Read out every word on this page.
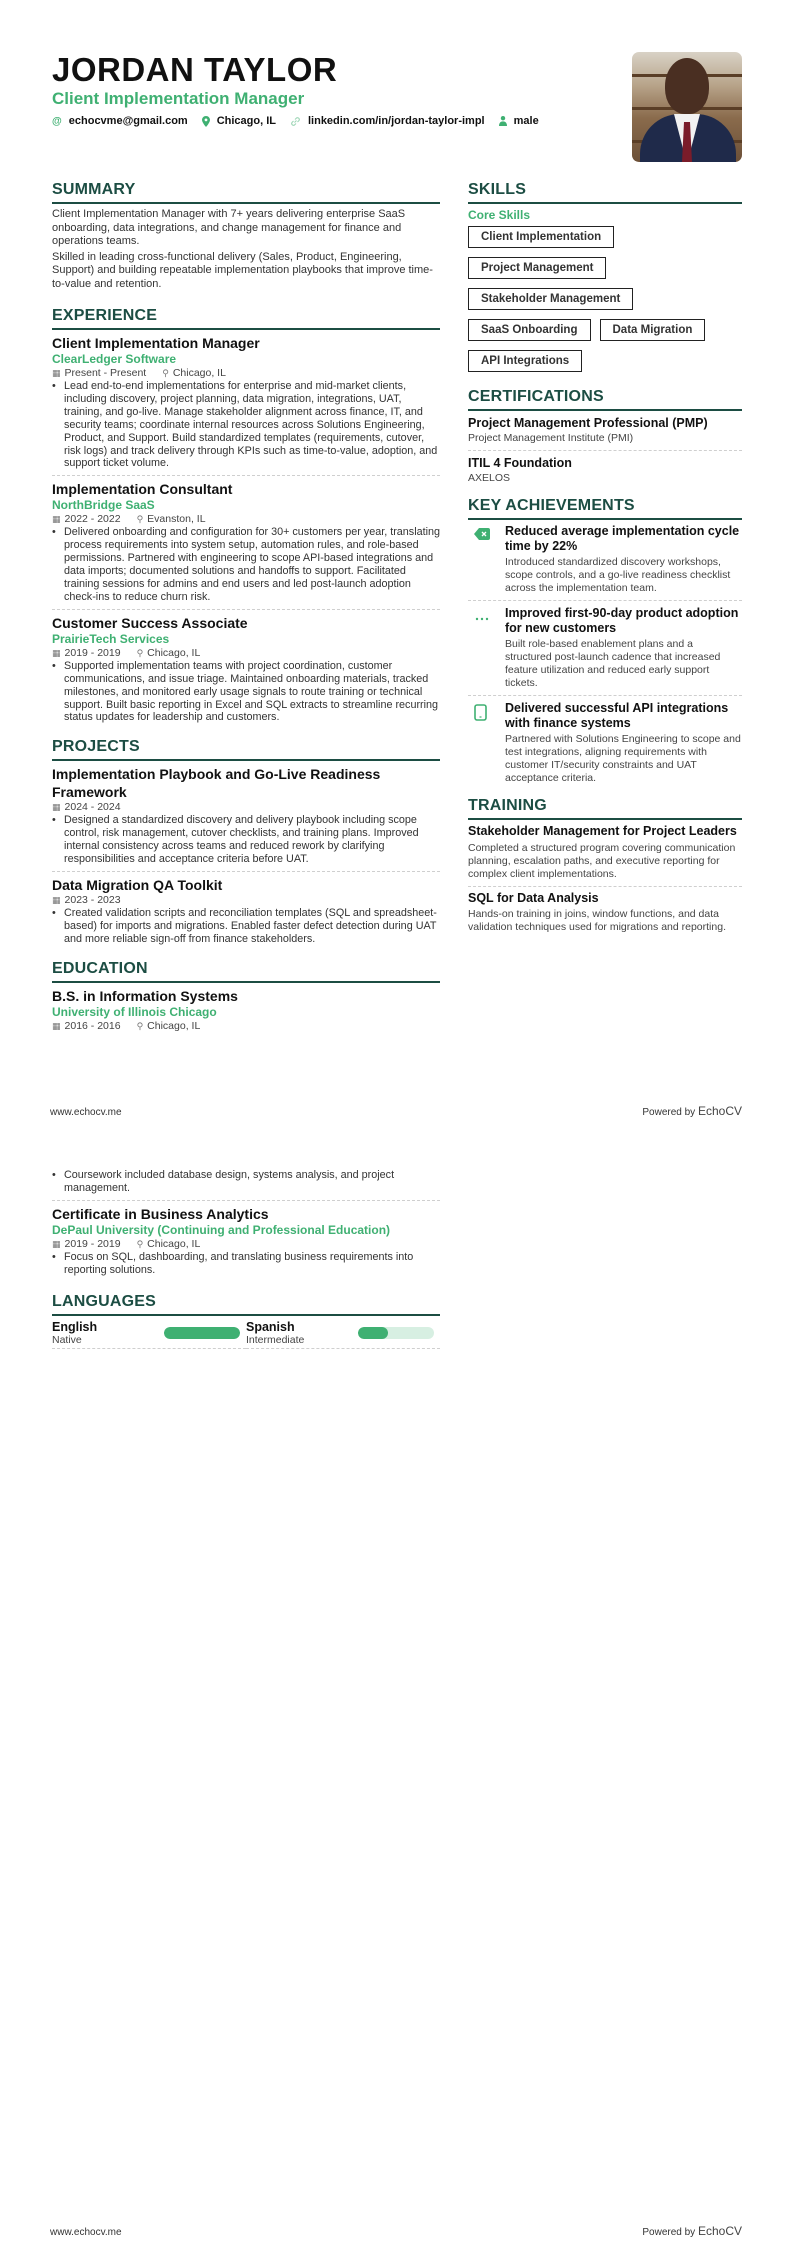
JORDAN TAYLOR
Client Implementation Manager
@ echocvme@gmail.com	Chicago, IL	linkedin.com/in/jordan-taylor-impl	male
SUMMARY

Client Implementation Manager with 7+ years delivering enterprise SaaS onboarding, data integrations, and change management for finance and operations teams.

Skilled in leading cross-functional delivery (Sales, Product, Engineering, Support) and building repeatable implementation playbooks that improve time-to-value and retention.

EXPERIENCE
Client Implementation Manager
ClearLedger Software
▦ Present - Present ⚲ Chicago, IL
• Lead end-to-end implementations for enterprise and mid-market clients, including discovery, project planning, data migration, integrations, UAT, training, and go-live. Manage stakeholder alignment across finance, IT, and security teams; coordinate internal resources across Solutions Engineering, Product, and Support. Build standardized templates (requirements, cutover, risk logs) and track delivery through KPIs such as time-to-value, adoption, and support ticket volume.
Implementation Consultant
NorthBridge SaaS
▦ 2022 - 2022 ⚲ Evanston, IL
• Delivered onboarding and configuration for 30+ customers per year, translating process requirements into system setup, automation rules, and role-based permissions. Partnered with engineering to scope API-based integrations and data imports; documented solutions and handoffs to support. Facilitated training sessions for admins and end users and led post-launch adoption check-ins to reduce churn risk.
Customer Success Associate
PrairieTech Services
▦ 2019 - 2019 ⚲ Chicago, IL
• Supported implementation teams with project coordination, customer communications, and issue triage. Maintained onboarding materials, tracked milestones, and monitored early usage signals to route training or technical support. Built basic reporting in Excel and SQL extracts to streamline recurring status updates for leadership and customers.
PROJECTS
Implementation Playbook and Go-Live Readiness Framework
▦ 2024 - 2024
• Designed a standardized discovery and delivery playbook including scope control, risk management, cutover checklists, and training plans. Improved internal consistency across teams and reduced rework by clarifying responsibilities and acceptance criteria before UAT.
Data Migration QA Toolkit
▦ 2023 - 2023
• Created validation scripts and reconciliation templates (SQL and spreadsheet-based) for imports and migrations. Enabled faster defect detection during UAT and more reliable sign-off from finance stakeholders.
EDUCATION
B.S. in Information Systems
University of Illinois Chicago
▦ 2016 - 2016 ⚲ Chicago, IL
SKILLS
Core Skills
Client Implementation
Project Management
Stakeholder Management
SaaS Onboarding	Data Migration
API Integrations
CERTIFICATIONS
Project Management Professional (PMP)
Project Management Institute (PMI)
ITIL 4 Foundation
AXELOS
KEY ACHIEVEMENTS
Reduced average implementation cycle time by 22%
Introduced standardized discovery workshops, scope controls, and a go-live readiness checklist across the implementation team.
Improved first-90-day product adoption for new customers
Built role-based enablement plans and a structured post-launch cadence that increased feature utilization and reduced early support tickets.
Delivered successful API integrations with finance systems
Partnered with Solutions Engineering to scope and test integrations, aligning requirements with customer IT/security constraints and UAT acceptance criteria.
TRAINING
Stakeholder Management for Project Leaders
Completed a structured program covering communication planning, escalation paths, and executive reporting for complex client implementations.
SQL for Data Analysis
Hands-on training in joins, window functions, and data validation techniques used for migrations and reporting.
www.echocv.me	Powered by EchoCV
• Coursework included database design, systems analysis, and project management.
Certificate in Business Analytics
DePaul University (Continuing and Professional Education)
▦ 2019 - 2019 ⚲ Chicago, IL
• Focus on SQL, dashboarding, and translating business requirements into reporting solutions.
LANGUAGES
English
Native
Spanish
Intermediate
www.echocv.me	Powered by EchoCV
